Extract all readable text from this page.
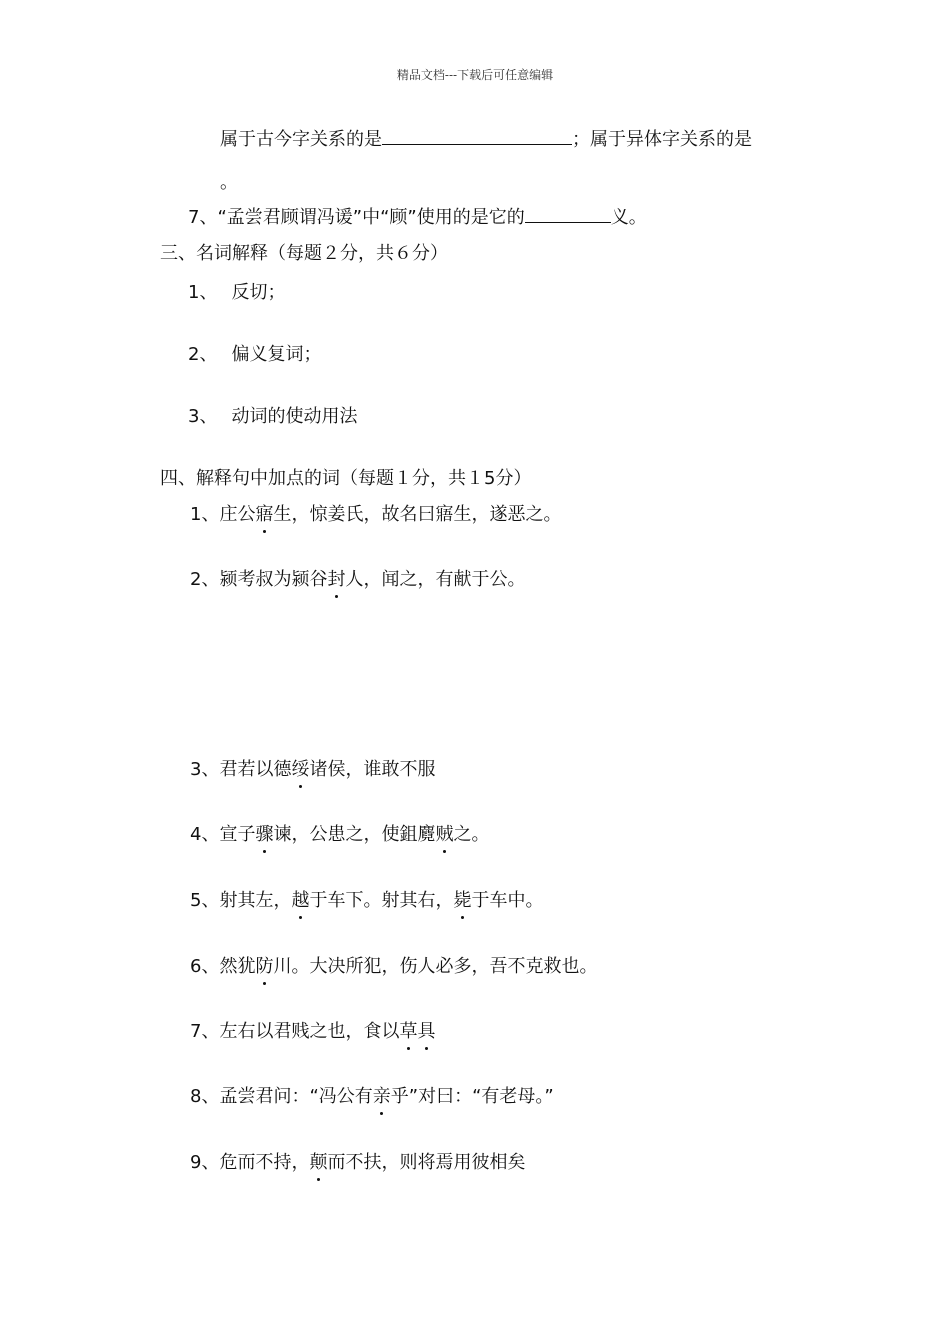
精品文档---下载后可任意编辑
属于古今字关系的是	；属于异体字关系的是
。
7、“孟尝君顾谓冯谖”中“顾”使用的是它的	义。
三、名词解释（每题２分，共６分）
1、 反切；
2、 偏义复词；
3、 动词的使动用法
四、解释句中加点的词（每题１分，共１5分）
1、庄公寤生，惊姜氏，故名曰寤生，遂恶之。
2、颍考叔为颍谷封人，闻之，有献于公。
3、君若以德绥诸侯，谁敢不服
4、宣子骤谏，公患之，使鉏麑贼之。
5、射其左，越于车下。射其右，毙于车中。
6、然犹防川。大决所犯，伤人必多，吾不克救也。
7、左右以君贱之也，食以草具
8、孟尝君问：“冯公有亲乎”对曰：“有老母。”
9、危而不持，颠而不扶，则将焉用彼相矣
